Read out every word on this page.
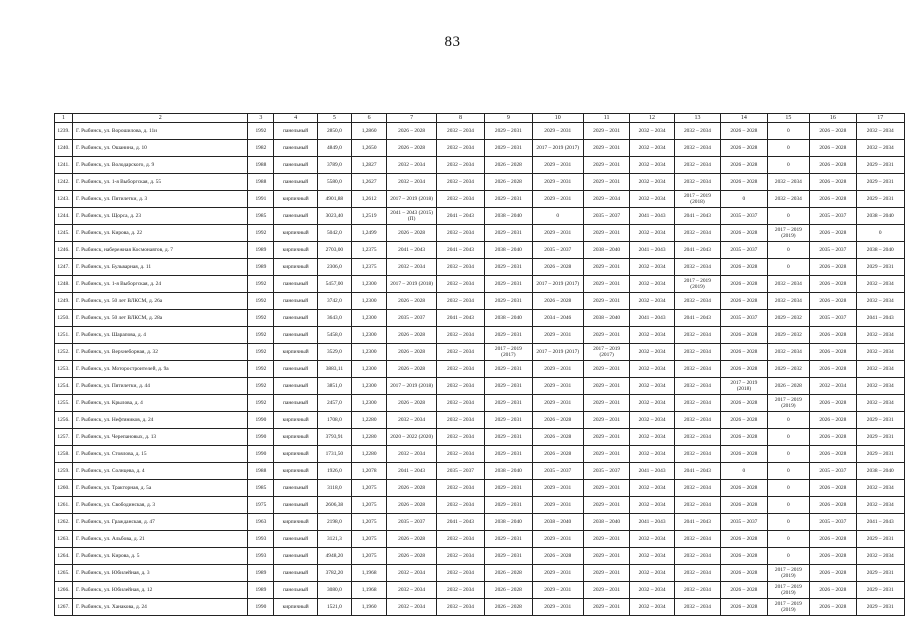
83
1	2	3	4	5	6	7	8	9	10	11	12	13	14	15	16	17
1239.	Г. Рыбинск, ул. Ворошилова, д. 11и	1992	панельный	2850,0	1,2860	2026 – 2028	2032 – 2034	2029 – 2031	2029 – 2031	2029 – 2031	2032 – 2034	2032 – 2034	2026 – 2028	0	2026 – 2028	2032 – 2034
1240.	Г. Рыбинск, ул. Ошанина, д. 10	1982	панельный	4849,0	1,2650	2026 – 2028	2032 – 2034	2029 – 2031	2017 – 2019 (2017)	2029 – 2031	2032 – 2034	2032 – 2034	2026 – 2028	0	2026 – 2028	2032 – 2034
1241.	Г. Рыбинск, ул. Володарского, д. 9	1988	панельный	3789,0	1,2827	2032 – 2034	2032 – 2034	2026 – 2028	2029 – 2031	2029 – 2031	2032 – 2034	2032 – 2034	2026 – 2028	0	2026 – 2028	2029 – 2031
1242.	Г. Рыбинск, ул. 1-я Выборгская, д. 55	1988	панельный	5580,0	1,2627	2032 – 2034	2032 – 2034	2026 – 2028	2029 – 2031	2029 – 2031	2032 – 2034	2032 – 2034	2026 – 2028	2032 – 2034	2026 – 2028	2029 – 2031
1243.	Г. Рыбинск, ул. Пятилетки, д. 3	1991	кирпичный	4901,88	1,2612	2017 – 2019 (2018)	2032 – 2034	2029 – 2031	2029 – 2031	2029 – 2034	2032 – 2034	2017 – 2019 (2018)	0	2032 – 2034	2026 – 2028	2029 – 2031
1244.	Г. Рыбинск, ул. Щорса, д. 23	1985	панельный	3023,40	1,2519	2041 – 2043 (2015) (П)	2041 – 2043	2038 – 2040	0	2035 – 2037	2041 – 2043	2041 – 2043	2035 – 2037	0	2035 – 2037	2038 – 2040
1245.	Г. Рыбинск, ул. Кирова, д. 22	1992	кирпичный	5042,0	1,2499	2026 – 2028	2032 – 2034	2029 – 2031	2029 – 2031	2029 – 2031	2032 – 2034	2032 – 2034	2026 – 2028	2017 – 2019 (2019)	2026 – 2028	0
1246.	Г. Рыбинск, набережная Космонавтов, д. 7	1989	кирпичный	2703,00	1,2375	2041 – 2043	2041 – 2043	2038 – 2040	2035 – 2037	2038 – 2040	2041 – 2043	2041 – 2043	2035 – 2037	0	2035 – 2037	2038 – 2040
1247.	Г. Рыбинск, ул. Бульварная, д. 11	1989	кирпичный	2306,0	1,2375	2032 – 2034	2032 – 2034	2029 – 2031	2026 – 2028	2029 – 2031	2032 – 2034	2032 – 2034	2026 – 2028	0	2026 – 2028	2029 – 2031
1248.	Г. Рыбинск, ул. 1-я Выборгская, д. 24	1992	панельный	5457,00	1,2300	2017 – 2019 (2018)	2032 – 2034	2029 – 2031	2017 – 2019 (2017)	2029 – 2031	2032 – 2034	2017 – 2019 (2019)	2026 – 2028	2032 – 2034	2026 – 2028	2032 – 2034
1249.	Г. Рыбинск, ул. 50 лет ВЛКСМ, д. 26а	1992	панельный	3742,0	1,2300	2026 – 2028	2032 – 2034	2029 – 2031	2026 – 2028	2029 – 2031	2032 – 2034	2032 – 2034	2026 – 2028	2032 – 2034	2026 – 2028	2032 – 2034
1250.	Г. Рыбинск, ул. 50 лет ВЛКСМ, д. 28а	1992	панельный	3643,0	1,2300	2035 – 2037	2041 – 2043	2038 – 2040	2034 – 2046	2038 – 2040	2041 – 2043	2041 – 2043	2035 – 2037	2029 – 2032	2035 – 2037	2041 – 2043
1251.	Г. Рыбинск, ул. Шарапова, д. 4	1992	панельный	5458,0	1,2300	2026 – 2028	2032 – 2034	2029 – 2031	2029 – 2031	2029 – 2031	2032 – 2034	2032 – 2034	2026 – 2028	2029 – 2032	2026 – 2028	2032 – 2034
1252.	Г. Рыбинск, ул. Верхнеборная, д. 32	1992	кирпичный	3529,0	1,2300	2026 – 2028	2032 – 2034	2017 – 2019 (2017)	2017 – 2019 (2017)	2017 – 2019 (2017)	2032 – 2034	2032 – 2034	2026 – 2028	2032 – 2034	2026 – 2028	2032 – 2034
1253.	Г. Рыбинск, ул. Моторостроителей, д. 9а	1992	панельный	3883,11	1,2300	2026 – 2028	2032 – 2034	2029 – 2031	2029 – 2031	2029 – 2031	2032 – 2034	2032 – 2034	2026 – 2028	2029 – 2032	2026 – 2028	2032 – 2034
1254.	Г. Рыбинск, ул. Пятилетки, д. 44	1992	панельный	3851,0	1,2300	2017 – 2019 (2018)	2032 – 2034	2029 – 2031	2029 – 2031	2029 – 2031	2032 – 2034	2032 – 2034	2017 – 2019 (2018)	2026 – 2028	2032 – 2034	2032 – 2034
1255.	Г. Рыбинск, ул. Крылова, д. 4	1992	панельный	2457,0	1,2300	2026 – 2028	2032 – 2034	2029 – 2031	2029 – 2031	2029 – 2031	2032 – 2034	2032 – 2034	2026 – 2028	2017 – 2019 (2019)	2026 – 2028	2032 – 2034
1256.	Г. Рыбинск, ул. Нефтяников, д. 24	1990	кирпичный	1708,0	1,2280	2032 – 2034	2032 – 2034	2029 – 2031	2026 – 2028	2029 – 2031	2032 – 2034	2032 – 2034	2026 – 2028	0	2026 – 2028	2029 – 2031
1257.	Г. Рыбинск, ул. Черепановых, д. 13	1990	кирпичный	3793,91	1,2280	2020 – 2022 (2020)	2032 – 2034	2029 – 2031	2026 – 2028	2029 – 2031	2032 – 2034	2032 – 2034	2026 – 2028	0	2026 – 2028	2029 – 2031
1258.	Г. Рыбинск, ул. Стоялова, д. 15	1990	кирпичный	1731,50	1,2280	2032 – 2034	2032 – 2034	2029 – 2031	2026 – 2028	2029 – 2031	2032 – 2034	2032 – 2034	2026 – 2028	0	2026 – 2028	2029 – 2031
1259.	Г. Рыбинск, ул. Солнцева, д. 4	1988	кирпичный	1926,0	1,2078	2041 – 2043	2035 – 2037	2038 – 2040	2035 – 2037	2035 – 2037	2041 – 2043	2041 – 2043	0	0	2035 – 2037	2038 – 2040
1260.	Г. Рыбинск, ул. Тракторная, д. 5а	1985	панельный	3118,0	1,2075	2026 – 2028	2032 – 2034	2029 – 2031	2029 – 2031	2029 – 2031	2032 – 2034	2032 – 2034	2026 – 2028	0	2026 – 2028	2032 – 2034
1261.	Г. Рыбинск, ул. Свободинская, д. 3	1975	панельный	2606,38	1,2075	2026 – 2028	2032 – 2034	2029 – 2031	2029 – 2031	2029 – 2031	2032 – 2034	2032 – 2034	2026 – 2028	0	2026 – 2028	2032 – 2034
1262.	Г. Рыбинск, ул. Гражданская, д. 47	1963	кирпичный	2198,0	1,2075	2035 – 2037	2041 – 2043	2038 – 2040	2038 – 2040	2038 – 2040	2041 – 2043	2041 – 2043	2035 – 2037	0	2035 – 2037	2041 – 2043
1263.	Г. Рыбинск, ул. Альбова, д. 21	1993	панельный	3121,3	1,2075	2026 – 2028	2032 – 2034	2029 – 2031	2029 – 2031	2029 – 2031	2032 – 2034	2032 – 2034	2026 – 2028	0	2026 – 2028	2029 – 2031
1264.	Г. Рыбинск, ул. Кирова, д. 5	1993	панельный	4948,20	1,2075	2026 – 2028	2032 – 2034	2029 – 2031	2026 – 2028	2029 – 2031	2032 – 2034	2032 – 2034	2026 – 2028	0	2026 – 2028	2032 – 2034
1265.	Г. Рыбинск, ул. Юбилейная, д. 3	1989	панельный	3782,20	1,1968	2032 – 2034	2032 – 2034	2026 – 2028	2029 – 2031	2029 – 2031	2032 – 2034	2032 – 2034	2026 – 2028	2017 – 2019 (2019)	2026 – 2028	2029 – 2031
1266.	Г. Рыбинск, ул. Юбилейная, д. 12	1989	панельный	3080,0	1,1968	2032 – 2034	2032 – 2034	2026 – 2028	2029 – 2031	2029 – 2031	2032 – 2034	2032 – 2034	2026 – 2028	2017 – 2019 (2019)	2026 – 2028	2029 – 2031
1267.	Г. Рыбинск, ул. Ханакова, д. 24	1990	кирпичный	1521,0	1,1960	2032 – 2034	2032 – 2034	2026 – 2028	2029 – 2031	2029 – 2031	2032 – 2034	2032 – 2034	2026 – 2028	2017 – 2019 (2019)	2026 – 2028	2029 – 2031
